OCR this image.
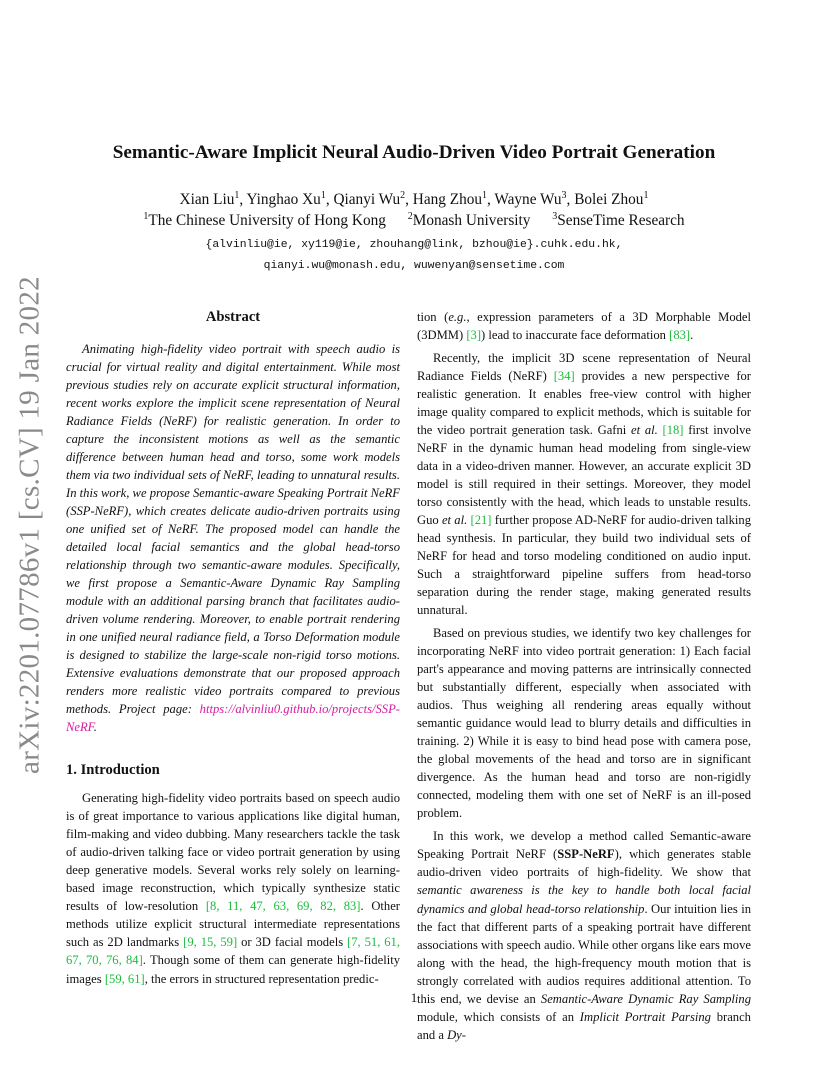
arXiv:2201.07786v1 [cs.CV] 19 Jan 2022
Semantic-Aware Implicit Neural Audio-Driven Video Portrait Generation
Xian Liu$^1$, Yinghao Xu$^1$, Qianyi Wu$^2$, Hang Zhou$^1$, Wayne Wu$^3$, Bolei Zhou$^1$
$^1$The Chinese University of Hong Kong $^2$Monash University $^3$SenseTime Research
{alvinliu@ie, xy119@ie, zhouhang@link, bzhou@ie}.cuhk.edu.hk,
qianyi.wu@monash.edu, wuwenyan@sensetime.com
Abstract

Animating high-fidelity video portrait with speech audio is crucial for virtual reality and digital entertainment. While most previous studies rely on accurate explicit structural information, recent works explore the implicit scene representation of Neural Radiance Fields (NeRF) for realistic generation. In order to capture the inconsistent motions as well as the semantic difference between human head and torso, some work models them via two individual sets of NeRF, leading to unnatural results. In this work, we propose Semantic-aware Speaking Portrait NeRF (SSP-NeRF), which creates delicate audio-driven portraits using one unified set of NeRF. The proposed model can handle the detailed local facial semantics and the global head-torso relationship through two semantic-aware modules. Specifically, we first propose a Semantic-Aware Dynamic Ray Sampling module with an additional parsing branch that facilitates audio-driven volume rendering. Moreover, to enable portrait rendering in one unified neural radiance field, a Torso Deformation module is designed to stabilize the large-scale non-rigid torso motions. Extensive evaluations demonstrate that our proposed approach renders more realistic video portraits compared to previous methods. Project page: https://alvinliu0.github.io/projects/SSP-NeRF.

1. Introduction

Generating high-fidelity video portraits based on speech audio is of great importance to various applications like digital human, film-making and video dubbing. Many researchers tackle the task of audio-driven talking face or video portrait generation by using deep generative models. Several works rely solely on learning-based image reconstruction, which typically synthesize static results of low-resolution [8, 11, 47, 63, 69, 82, 83]. Other methods utilize explicit structural intermediate representations such as 2D landmarks [9, 15, 59] or 3D facial models [7, 51, 61, 67, 70, 76, 84]. Though some of them can generate high-fidelity images [59, 61], the errors in structured representation predic-

tion (e.g., expression parameters of a 3D Morphable Model (3DMM) [3]) lead to inaccurate face deformation [83].

Recently, the implicit 3D scene representation of Neural Radiance Fields (NeRF) [34] provides a new perspective for realistic generation. It enables free-view control with higher image quality compared to explicit methods, which is suitable for the video portrait generation task. Gafni et al. [18] first involve NeRF in the dynamic human head modeling from single-view data in a video-driven manner. However, an accurate explicit 3D model is still required in their settings. Moreover, they model torso consistently with the head, which leads to unstable results. Guo et al. [21] further propose AD-NeRF for audio-driven talking head synthesis. In particular, they build two individual sets of NeRF for head and torso modeling conditioned on audio input. Such a straightforward pipeline suffers from head-torso separation during the render stage, making generated results unnatural.

Based on previous studies, we identify two key challenges for incorporating NeRF into video portrait generation: 1) Each facial part's appearance and moving patterns are intrinsically connected but substantially different, especially when associated with audios. Thus weighing all rendering areas equally without semantic guidance would lead to blurry details and difficulties in training. 2) While it is easy to bind head pose with camera pose, the global movements of the head and torso are in significant divergence. As the human head and torso are non-rigidly connected, modeling them with one set of NeRF is an ill-posed problem.

In this work, we develop a method called Semantic-aware Speaking Portrait NeRF (SSP-NeRF), which generates stable audio-driven video portraits of high-fidelity. We show that semantic awareness is the key to handle both local facial dynamics and global head-torso relationship. Our intuition lies in the fact that different parts of a speaking portrait have different associations with speech audio. While other organs like ears move along with the head, the high-frequency mouth motion that is strongly correlated with audios requires additional attention. To this end, we devise an Semantic-Aware Dynamic Ray Sampling module, which consists of an Implicit Portrait Parsing branch and a Dy-

1
